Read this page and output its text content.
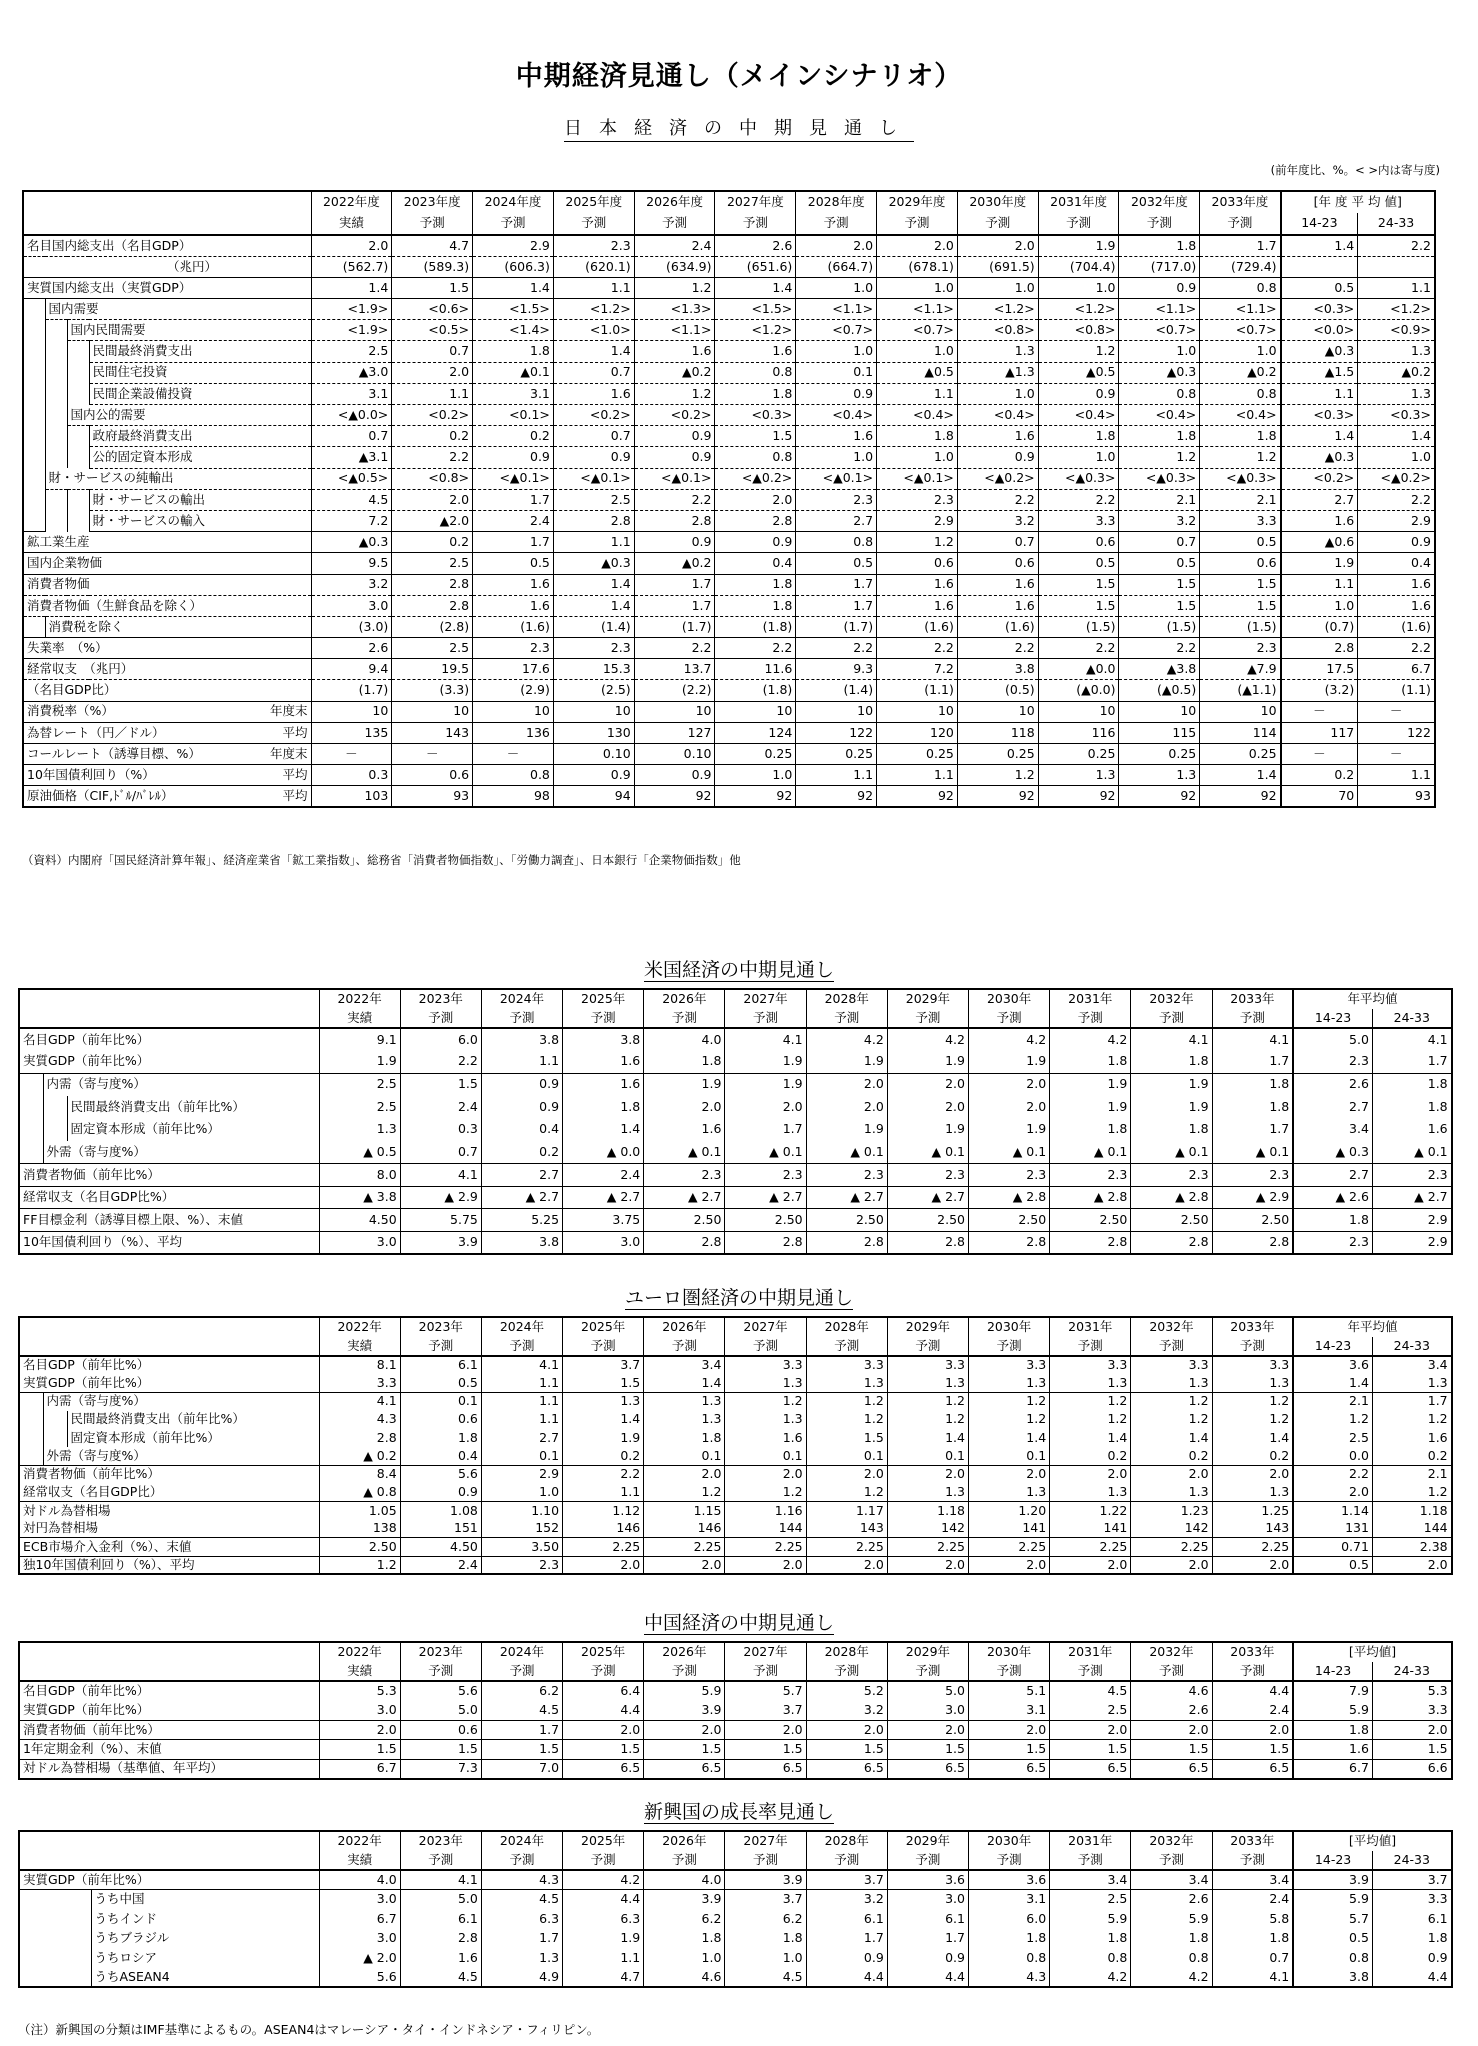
中期経済見通し（メインシナリオ）
日本経済の中期見通し
(前年度比、%。< >内は寄与度)
				2022年度	2023年度	2024年度	2025年度	2026年度	2027年度	2028年度	2029年度	2030年度	2031年度	2032年度	2033年度	[年 度 平 均 値]	
				実績	予測	予測	予測	予測	予測	予測	予測	予測	予測	予測	予測	14-23	24-33
名目国内総支出（名目GDP）				2.0	4.7	2.9	2.3	2.4	2.6	2.0	2.0	2.0	1.9	1.8	1.7	1.4	2.2
（兆円）				(562.7)	(589.3)	(606.3)	(620.1)	(634.9)	(651.6)	(664.7)	(678.1)	(691.5)	(704.4)	(717.0)	(729.4)		
実質国内総支出（実質GDP）				1.4	1.5	1.4	1.1	1.2	1.4	1.0	1.0	1.0	1.0	0.9	0.8	0.5	1.1
	国内需要			<1.9>	<0.6>	<1.5>	<1.2>	<1.3>	<1.5>	<1.1>	<1.1>	<1.2>	<1.2>	<1.1>	<1.1>	<0.3>	<1.2>
		国内民間需要		<1.9>	<0.5>	<1.4>	<1.0>	<1.1>	<1.2>	<0.7>	<0.7>	<0.8>	<0.8>	<0.7>	<0.7>	<0.0>	<0.9>
			民間最終消費支出	2.5	0.7	1.8	1.4	1.6	1.6	1.0	1.0	1.3	1.2	1.0	1.0	▲0.3	1.3
			民間住宅投資	▲3.0	2.0	▲0.1	0.7	▲0.2	0.8	0.1	▲0.5	▲1.3	▲0.5	▲0.3	▲0.2	▲1.5	▲0.2
			民間企業設備投資	3.1	1.1	3.1	1.6	1.2	1.8	0.9	1.1	1.0	0.9	0.8	0.8	1.1	1.3
		国内公的需要		<▲0.0>	<0.2>	<0.1>	<0.2>	<0.2>	<0.3>	<0.4>	<0.4>	<0.4>	<0.4>	<0.4>	<0.4>	<0.3>	<0.3>
			政府最終消費支出	0.7	0.2	0.2	0.7	0.9	1.5	1.6	1.8	1.6	1.8	1.8	1.8	1.4	1.4
			公的固定資本形成	▲3.1	2.2	0.9	0.9	0.9	0.8	1.0	1.0	0.9	1.0	1.2	1.2	▲0.3	1.0
	財・サービスの純輸出			<▲0.5>	<0.8>	<▲0.1>	<▲0.1>	<▲0.1>	<▲0.2>	<▲0.1>	<▲0.1>	<▲0.2>	<▲0.3>	<▲0.3>	<▲0.3>	<0.2>	<▲0.2>
			財・サービスの輸出	4.5	2.0	1.7	2.5	2.2	2.0	2.3	2.3	2.2	2.2	2.1	2.1	2.7	2.2
			財・サービスの輸入	7.2	▲2.0	2.4	2.8	2.8	2.8	2.7	2.9	3.2	3.3	3.2	3.3	1.6	2.9
鉱工業生産				▲0.3	0.2	1.7	1.1	0.9	0.9	0.8	1.2	0.7	0.6	0.7	0.5	▲0.6	0.9
国内企業物価				9.5	2.5	0.5	▲0.3	▲0.2	0.4	0.5	0.6	0.6	0.5	0.5	0.6	1.9	0.4
消費者物価				3.2	2.8	1.6	1.4	1.7	1.8	1.7	1.6	1.6	1.5	1.5	1.5	1.1	1.6
消費者物価（生鮮食品を除く）				3.0	2.8	1.6	1.4	1.7	1.8	1.7	1.6	1.6	1.5	1.5	1.5	1.0	1.6
	消費税を除く			(3.0)	(2.8)	(1.6)	(1.4)	(1.7)	(1.8)	(1.7)	(1.6)	(1.6)	(1.5)	(1.5)	(1.5)	(0.7)	(1.6)
失業率　（%）				2.6	2.5	2.3	2.3	2.2	2.2	2.2	2.2	2.2	2.2	2.2	2.3	2.8	2.2
経常収支　（兆円）				9.4	19.5	17.6	15.3	13.7	11.6	9.3	7.2	3.8	▲0.0	▲3.8	▲7.9	17.5	6.7
（名目GDP比）				(1.7)	(3.3)	(2.9)	(2.5)	(2.2)	(1.8)	(1.4)	(1.1)	(0.5)	(▲0.0)	(▲0.5)	(▲1.1)	(3.2)	(1.1)
消費税率（%） 年度末				10	10	10	10	10	10	10	10	10	10	10	10	－	－
為替レート（円／ドル） 平均				135	143	136	130	127	124	122	120	118	116	115	114	117	122
コールレート（誘導目標、%） 年度末				－	－	－	0.10	0.10	0.25	0.25	0.25	0.25	0.25	0.25	0.25	－	－
10年国債利回り（%） 平均				0.3	0.6	0.8	0.9	0.9	1.0	1.1	1.1	1.2	1.3	1.3	1.4	0.2	1.1
原油価格（CIF,ﾄﾞﾙ/ﾊﾞﾚﾙ） 平均				103	93	98	94	92	92	92	92	92	92	92	92	70	93
（資料）内閣府「国民経済計算年報」、経済産業省「鉱工業指数」、総務省「消費者物価指数」、「労働力調査」、日本銀行「企業物価指数」他
米国経済の中期見通し
			2022年	2023年	2024年	2025年	2026年	2027年	2028年	2029年	2030年	2031年	2032年	2033年	年平均値	
			実績	予測	予測	予測	予測	予測	予測	予測	予測	予測	予測	予測	14-23	24-33
名目GDP（前年比%）			9.1	6.0	3.8	3.8	4.0	4.1	4.2	4.2	4.2	4.2	4.1	4.1	5.0	4.1
実質GDP（前年比%）			1.9	2.2	1.1	1.6	1.8	1.9	1.9	1.9	1.9	1.8	1.8	1.7	2.3	1.7
	内需（寄与度%）		2.5	1.5	0.9	1.6	1.9	1.9	2.0	2.0	2.0	1.9	1.9	1.8	2.6	1.8
		民間最終消費支出（前年比%）	2.5	2.4	0.9	1.8	2.0	2.0	2.0	2.0	2.0	1.9	1.9	1.8	2.7	1.8
		固定資本形成（前年比%）	1.3	0.3	0.4	1.4	1.6	1.7	1.9	1.9	1.9	1.8	1.8	1.7	3.4	1.6
	外需（寄与度%）		▲ 0.5	0.7	0.2	▲ 0.0	▲ 0.1	▲ 0.1	▲ 0.1	▲ 0.1	▲ 0.1	▲ 0.1	▲ 0.1	▲ 0.1	▲ 0.3	▲ 0.1
消費者物価（前年比%）			8.0	4.1	2.7	2.4	2.3	2.3	2.3	2.3	2.3	2.3	2.3	2.3	2.7	2.3
経常収支（名目GDP比%）			▲ 3.8	▲ 2.9	▲ 2.7	▲ 2.7	▲ 2.7	▲ 2.7	▲ 2.7	▲ 2.7	▲ 2.8	▲ 2.8	▲ 2.8	▲ 2.9	▲ 2.6	▲ 2.7
FF目標金利（誘導目標上限、%）、末値			4.50	5.75	5.25	3.75	2.50	2.50	2.50	2.50	2.50	2.50	2.50	2.50	1.8	2.9
10年国債利回り（%）、平均			3.0	3.9	3.8	3.0	2.8	2.8	2.8	2.8	2.8	2.8	2.8	2.8	2.3	2.9
ユーロ圏経済の中期見通し
			2022年	2023年	2024年	2025年	2026年	2027年	2028年	2029年	2030年	2031年	2032年	2033年	年平均値	
			実績	予測	予測	予測	予測	予測	予測	予測	予測	予測	予測	予測	14-23	24-33
名目GDP（前年比%）			8.1	6.1	4.1	3.7	3.4	3.3	3.3	3.3	3.3	3.3	3.3	3.3	3.6	3.4
実質GDP（前年比%）			3.3	0.5	1.1	1.5	1.4	1.3	1.3	1.3	1.3	1.3	1.3	1.3	1.4	1.3
	内需（寄与度%）		4.1	0.1	1.1	1.3	1.3	1.2	1.2	1.2	1.2	1.2	1.2	1.2	2.1	1.7
		民間最終消費支出（前年比%）	4.3	0.6	1.1	1.4	1.3	1.3	1.2	1.2	1.2	1.2	1.2	1.2	1.2	1.2
		固定資本形成（前年比%）	2.8	1.8	2.7	1.9	1.8	1.6	1.5	1.4	1.4	1.4	1.4	1.4	2.5	1.6
	外需（寄与度%）		▲ 0.2	0.4	0.1	0.2	0.1	0.1	0.1	0.1	0.1	0.2	0.2	0.2	0.0	0.2
消費者物価（前年比%）			8.4	5.6	2.9	2.2	2.0	2.0	2.0	2.0	2.0	2.0	2.0	2.0	2.2	2.1
経常収支（名目GDP比）			▲ 0.8	0.9	1.0	1.1	1.2	1.2	1.2	1.3	1.3	1.3	1.3	1.3	2.0	1.2
対ドル為替相場			1.05	1.08	1.10	1.12	1.15	1.16	1.17	1.18	1.20	1.22	1.23	1.25	1.14	1.18
対円為替相場			138	151	152	146	146	144	143	142	141	141	142	143	131	144
ECB市場介入金利（%）、末値			2.50	4.50	3.50	2.25	2.25	2.25	2.25	2.25	2.25	2.25	2.25	2.25	0.71	2.38
独10年国債利回り（%）、平均			1.2	2.4	2.3	2.0	2.0	2.0	2.0	2.0	2.0	2.0	2.0	2.0	0.5	2.0
中国経済の中期見通し
	2022年	2023年	2024年	2025年	2026年	2027年	2028年	2029年	2030年	2031年	2032年	2033年	[平均値]	
	実績	予測	予測	予測	予測	予測	予測	予測	予測	予測	予測	予測	14-23	24-33
名目GDP（前年比%）	5.3	5.6	6.2	6.4	5.9	5.7	5.2	5.0	5.1	4.5	4.6	4.4	7.9	5.3
実質GDP（前年比%）	3.0	5.0	4.5	4.4	3.9	3.7	3.2	3.0	3.1	2.5	2.6	2.4	5.9	3.3
消費者物価（前年比%）	2.0	0.6	1.7	2.0	2.0	2.0	2.0	2.0	2.0	2.0	2.0	2.0	1.8	2.0
1年定期金利（%）、末値	1.5	1.5	1.5	1.5	1.5	1.5	1.5	1.5	1.5	1.5	1.5	1.5	1.6	1.5
対ドル為替相場（基準値、年平均）	6.7	7.3	7.0	6.5	6.5	6.5	6.5	6.5	6.5	6.5	6.5	6.5	6.7	6.6
新興国の成長率見通し
		2022年	2023年	2024年	2025年	2026年	2027年	2028年	2029年	2030年	2031年	2032年	2033年	[平均値]	
		実績	予測	予測	予測	予測	予測	予測	予測	予測	予測	予測	予測	14-23	24-33
実質GDP（前年比%）		4.0	4.1	4.3	4.2	4.0	3.9	3.7	3.6	3.6	3.4	3.4	3.4	3.9	3.7
	うち中国	3.0	5.0	4.5	4.4	3.9	3.7	3.2	3.0	3.1	2.5	2.6	2.4	5.9	3.3
	うちインド	6.7	6.1	6.3	6.3	6.2	6.2	6.1	6.1	6.0	5.9	5.9	5.8	5.7	6.1
	うちブラジル	3.0	2.8	1.7	1.9	1.8	1.8	1.7	1.7	1.8	1.8	1.8	1.8	0.5	1.8
	うちロシア	▲ 2.0	1.6	1.3	1.1	1.0	1.0	0.9	0.9	0.8	0.8	0.8	0.7	0.8	0.9
	うちASEAN4	5.6	4.5	4.9	4.7	4.6	4.5	4.4	4.4	4.3	4.2	4.2	4.1	3.8	4.4
（注）新興国の分類はIMF基準によるもの。ASEAN4はマレーシア・タイ・インドネシア・フィリピン。
